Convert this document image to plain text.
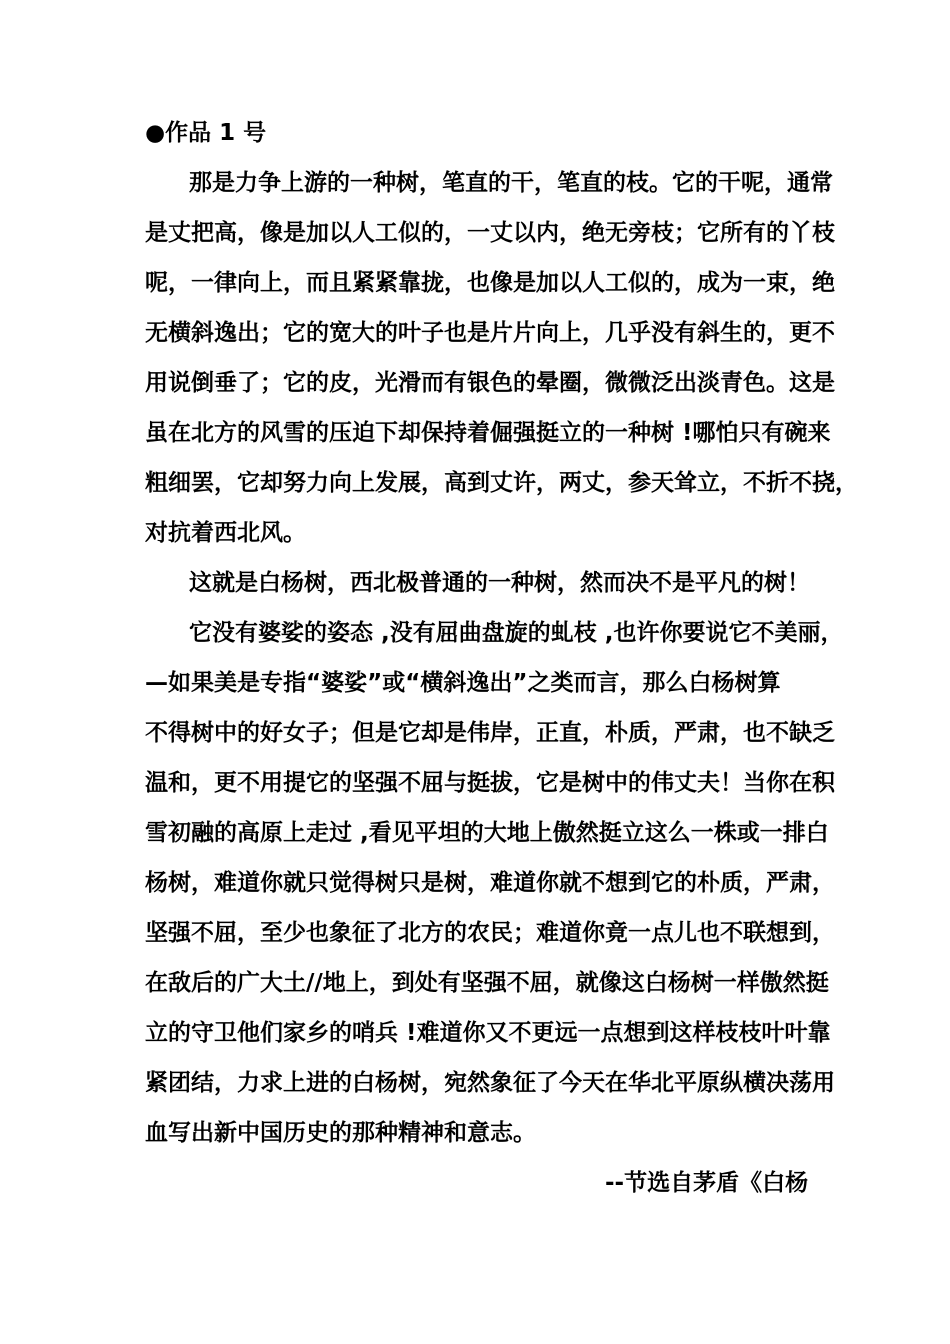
●作品 1 号
那是力争上游的一种树，笔直的干，笔直的枝。它的干呢，通常
是丈把高，像是加以人工似的，一丈以内，绝无旁枝；它所有的丫枝
呢，一律向上，而且紧紧靠拢，也像是加以人工似的，成为一束，绝
无横斜逸出；它的宽大的叶子也是片片向上，几乎没有斜生的，更不
用说倒垂了；它的皮，光滑而有银色的晕圈，微微泛出淡青色。这是
虽在北方的风雪的压迫下却保持着倔强挺立的一种树 !哪怕只有碗来
粗细罢，它却努力向上发展，高到丈许，两丈，参天耸立，不折不挠，
对抗着西北风。
这就是白杨树，西北极普通的一种树，然而决不是平凡的树！
它没有婆娑的姿态 ,没有屈曲盘旋的虬枝 ,也许你要说它不美丽，
—如果美是专指“婆娑”或“横斜逸出”之类而言，那么白杨树算
不得树中的好女子；但是它却是伟岸，正直，朴质，严肃，也不缺乏
温和，更不用提它的坚强不屈与挺拔，它是树中的伟丈夫！当你在积
雪初融的高原上走过 ,看见平坦的大地上傲然挺立这么一株或一排白
杨树，难道你就只觉得树只是树，难道你就不想到它的朴质，严肃，
坚强不屈，至少也象征了北方的农民；难道你竟一点儿也不联想到，
在敌后的广大土//地上，到处有坚强不屈，就像这白杨树一样傲然挺
立的守卫他们家乡的哨兵 !难道你又不更远一点想到这样枝枝叶叶靠
紧团结，力求上进的白杨树，宛然象征了今天在华北平原纵横决荡用
血写出新中国历史的那种精神和意志。
--节选自茅盾《白杨
